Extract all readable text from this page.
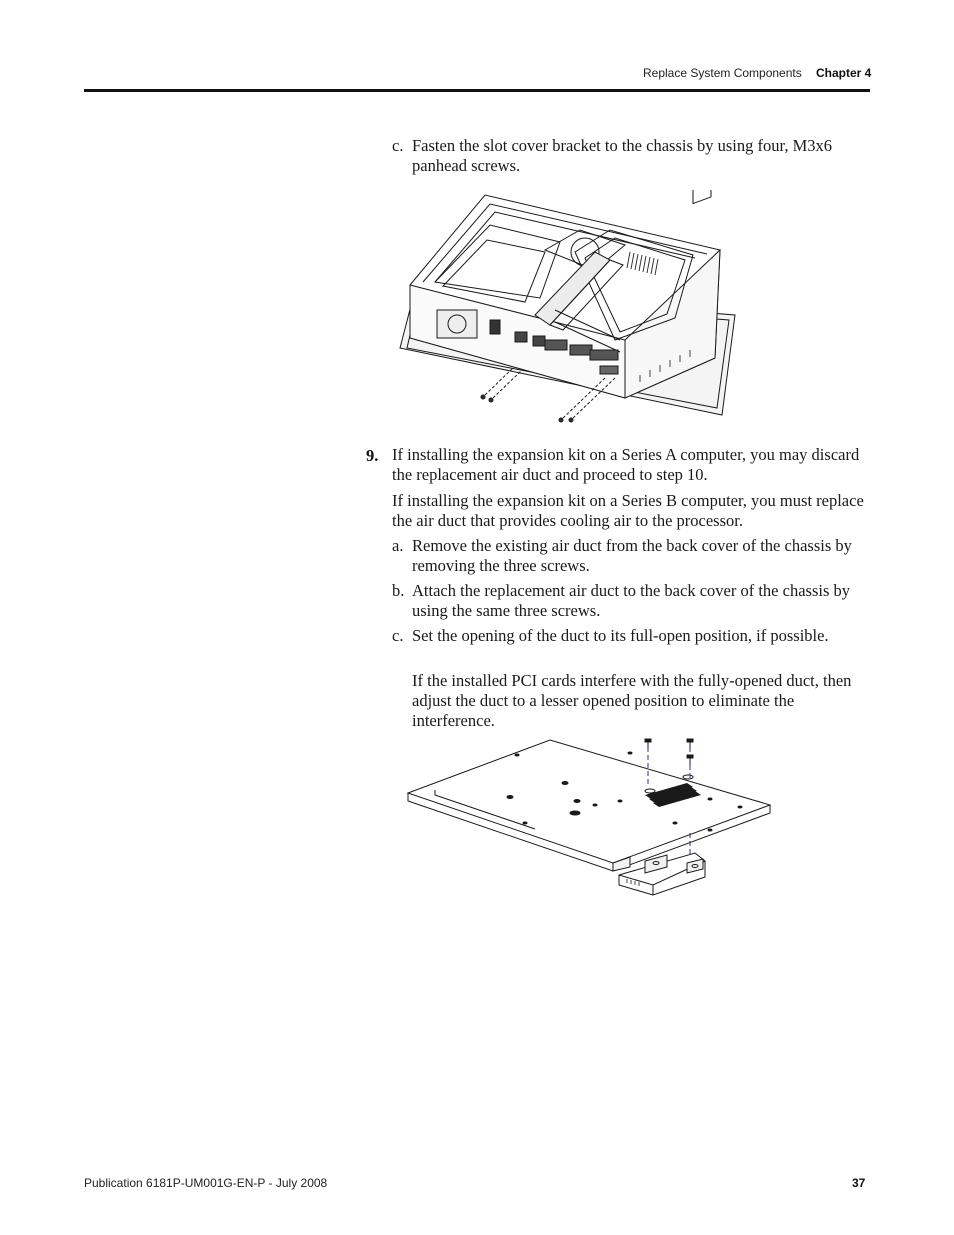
Replace System Components Chapter 4
c. Fasten the slot cover bracket to the chassis by using four, M3x6 panhead screws.
9. If installing the expansion kit on a Series A computer, you may discard the replacement air duct and proceed to step 10.
If installing the expansion kit on a Series B computer, you must replace the air duct that provides cooling air to the processor.
a. Remove the existing air duct from the back cover of the chassis by removing the three screws.
b. Attach the replacement air duct to the back cover of the chassis by using the same three screws.
c. Set the opening of the duct to its full-open position, if possible.
If the installed PCI cards interfere with the fully-opened duct, then adjust the duct to a lesser opened position to eliminate the interference.
Publication 6181P-UM001G-EN-P - July 2008	37
